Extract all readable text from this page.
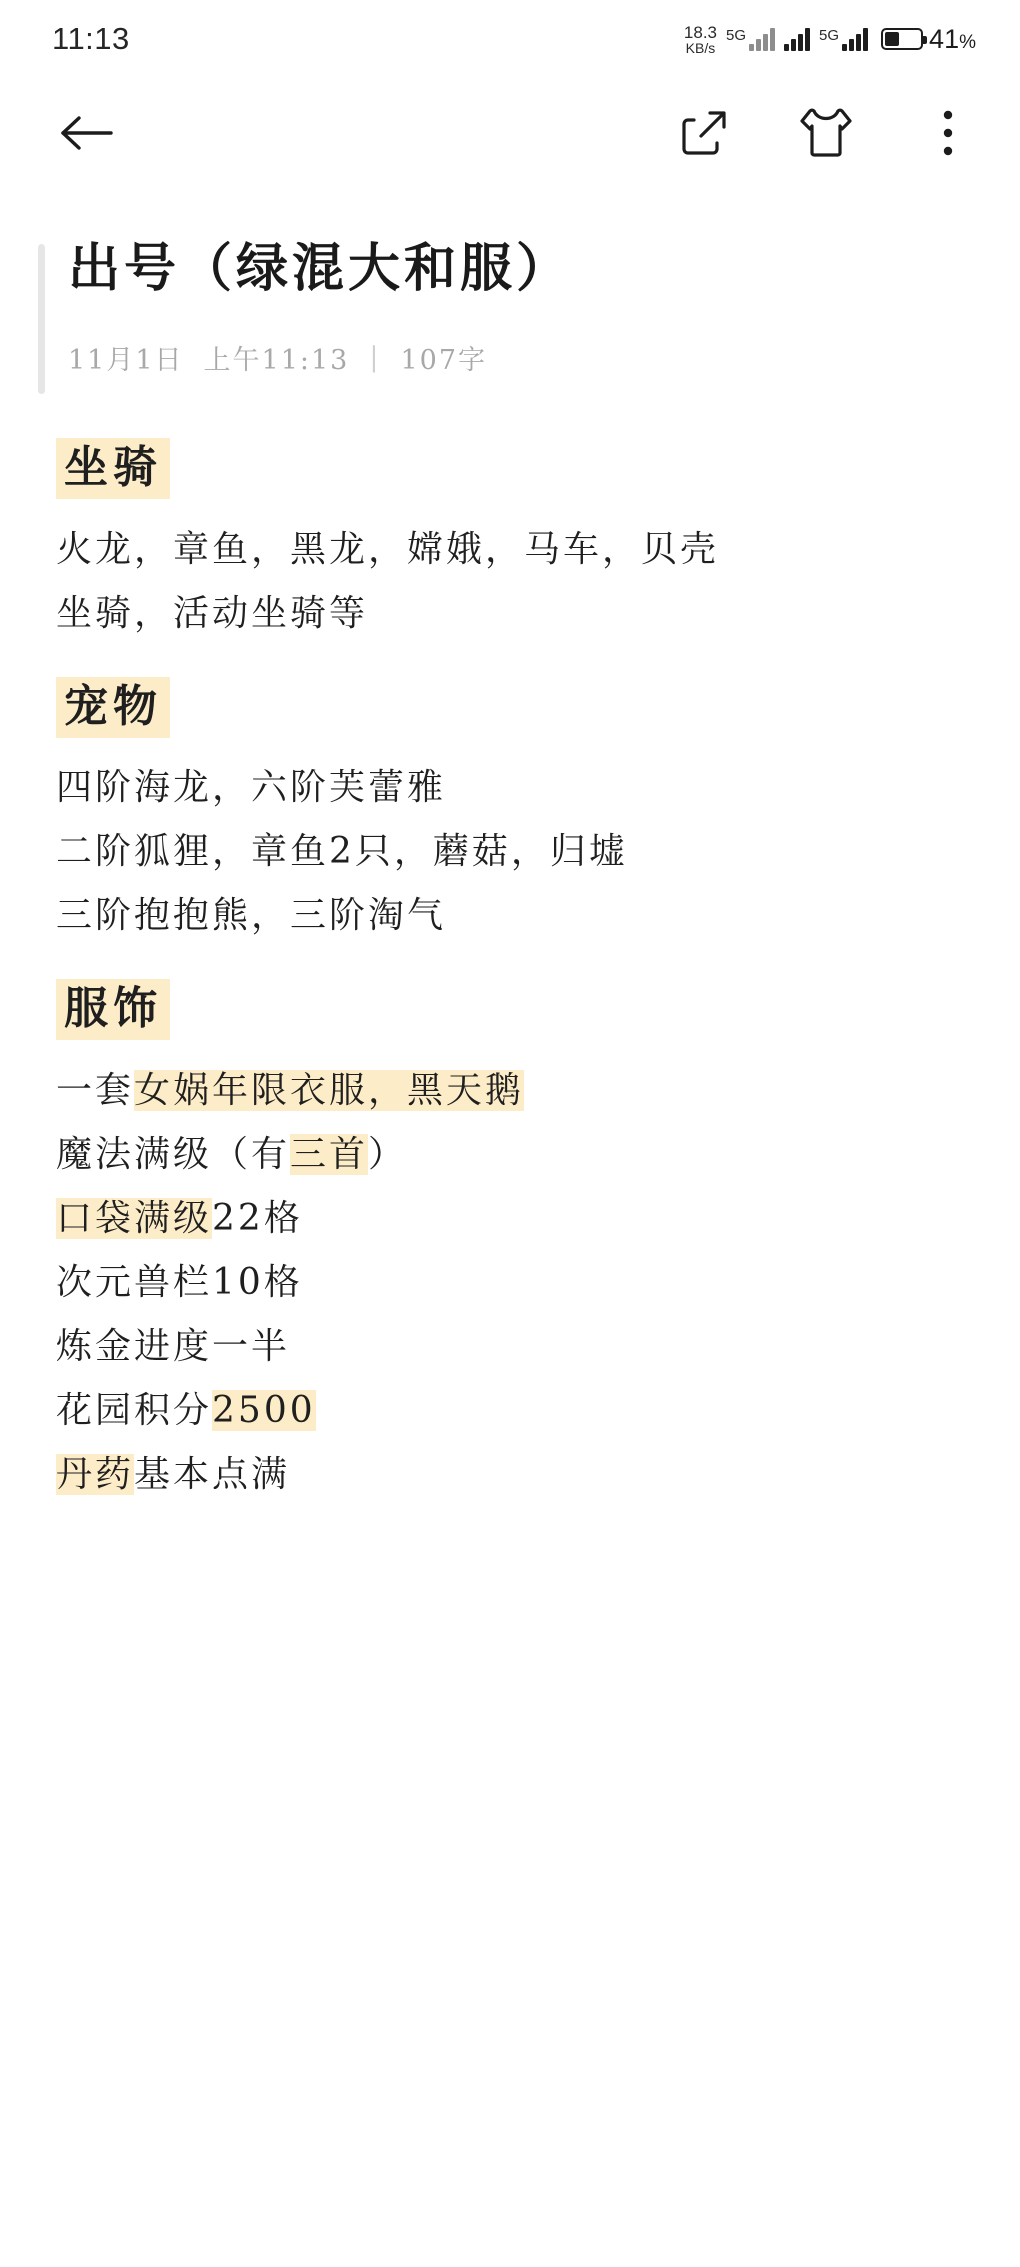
11:13	18.3
KB/s
5G	5G	41%
出号（绿混大和服）
11月1日 上午11:13 | 107字
坐骑
火龙，章鱼，黑龙，嫦娥，马车，贝壳
坐骑，活动坐骑等
宠物
四阶海龙，六阶芙蕾雅
二阶狐狸，章鱼2只，蘑菇，归墟
三阶抱抱熊，三阶淘气
服饰
一套女娲年限衣服，黑天鹅
魔法满级（有三首）
口袋满级22格
次元兽栏10格
炼金进度一半
花园积分2500
丹药基本点满
